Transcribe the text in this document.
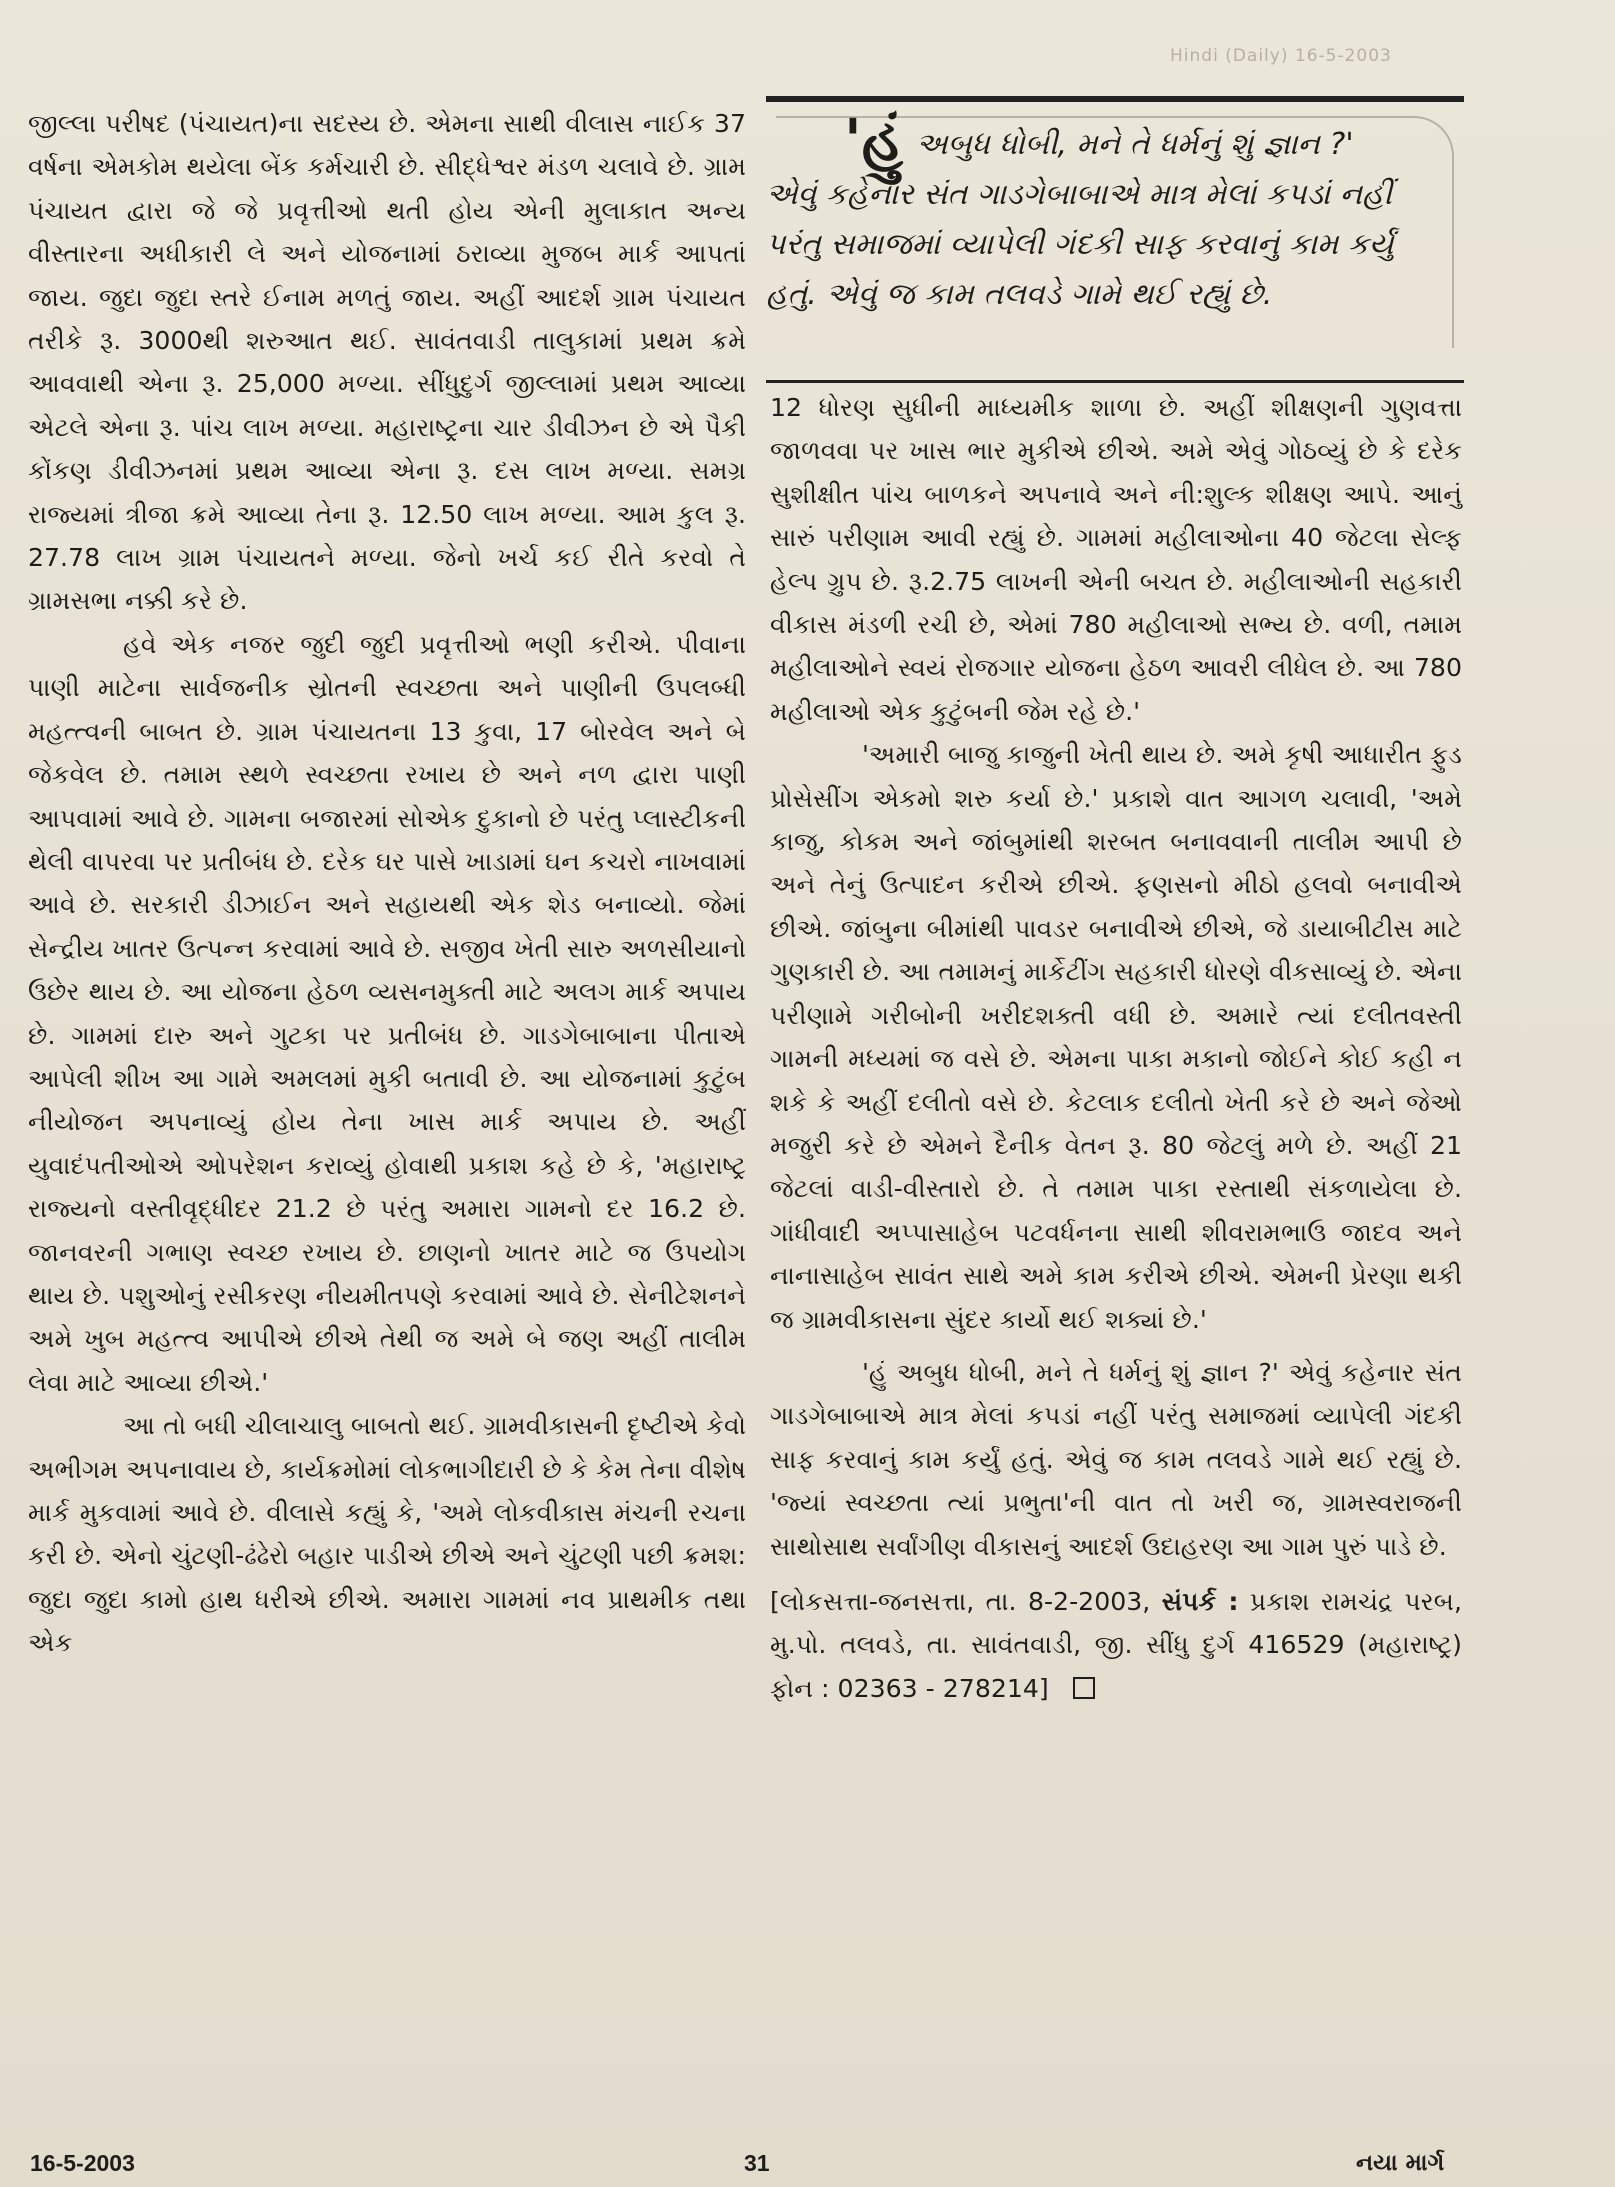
Hindi (Daily) 16-5-2003

જીલ્લા પરીષદ (પંચાયત)ના સદસ્ય છે. એમના સાથી વીલાસ નાઈક 37 વર્ષના એમકોમ થયેલા બેંક કર્મચારી છે. સીદ્ધેશ્વર મંડળ ચલાવે છે. ગ્રામ પંચાયત દ્વારા જે જે પ્રવૃત્તીઓ થતી હોય એની મુલાકાત અન્ય વીસ્તારના અધીકારી લે અને યોજનામાં ઠરાવ્યા મુજબ માર્ક આપતાં જાય. જુદા જુદા સ્તરે ઈનામ મળતું જાય. અહીં આદર્શ ગ્રામ પંચાયત તરીકે રૂ. 3000થી શરુઆત થઈ. સાવંતવાડી તાલુકામાં પ્રથમ ક્રમે આવવાથી એના રૂ. 25,000 મળ્યા. સીંધુદુર્ગ જીલ્લામાં પ્રથમ આવ્યા એટલે એના રૂ. પાંચ લાખ મળ્યા. મહારાષ્ટ્રના ચાર ડીવીઝન છે એ પૈકી કોંકણ ડીવીઝનમાં પ્રથમ આવ્યા એના રૂ. દસ લાખ મળ્યા. સમગ્ર રાજ્યમાં ત્રીજા ક્રમે આવ્યા તેના રૂ. 12.50 લાખ મળ્યા. આમ કુલ રૂ. 27.78 લાખ ગ્રામ પંચાયતને મળ્યા. જેનો ખર્ચ કઈ રીતે કરવો તે ગ્રામસભા નક્કી કરે છે.

હવે એક નજર જુદી જુદી પ્રવૃત્તીઓ ભણી કરીએ. પીવાના પાણી માટેના સાર્વજનીક સ્રોતની સ્વચ્છતા અને પાણીની ઉપલબ્ધી મહત્ત્વની બાબત છે. ગ્રામ પંચાયતના 13 કુવા, 17 બોરવેલ અને બે જેકવેલ છે. તમામ સ્થળે સ્વચ્છતા રખાય છે અને નળ દ્વારા પાણી આપવામાં આવે છે. ગામના બજારમાં સોએક દુકાનો છે પરંતુ પ્લાસ્ટીકની થેલી વાપરવા પર પ્રતીબંધ છે. દરેક ઘર પાસે ખાડામાં ઘન કચરો નાખવામાં આવે છે. સરકારી ડીઝાઈન અને સહાયથી એક શેડ બનાવ્યો. જેમાં સેન્દ્રીય ખાતર ઉત્પન્ન કરવામાં આવે છે. સજીવ ખેતી સારુ અળસીયાનો ઉછેર થાય છે. આ યોજના હેઠળ વ્યસનમુક્તી માટે અલગ માર્ક અપાય છે. ગામમાં દારુ અને ગુટકા પર પ્રતીબંધ છે. ગાડગેબાબાના પીતાએ આપેલી શીખ આ ગામે અમલમાં મુકી બતાવી છે. આ યોજનામાં કુટુંબ નીયોજન અપનાવ્યું હોય તેના ખાસ માર્ક અપાય છે. અહીં યુવાદંપતીઓએ ઓપરેશન કરાવ્યું હોવાથી પ્રકાશ કહે છે કે, 'મહારાષ્ટ્ર રાજ્યનો વસ્તીવૃદ્ધીદર 21.2 છે પરંતુ અમારા ગામનો દર 16.2 છે. જાનવરની ગભાણ સ્વચ્છ રખાય છે. છાણનો ખાતર માટે જ ઉપયોગ થાય છે. પશુઓનું રસીકરણ નીયમીતપણે કરવામાં આવે છે. સેનીટેશનને અમે ખુબ મહત્ત્વ આપીએ છીએ તેથી જ અમે બે જણ અહીં તાલીમ લેવા માટે આવ્યા છીએ.'

આ તો બધી ચીલાચાલુ બાબતો થઈ. ગ્રામવીકાસની દૃષ્ટીએ કેવો અભીગમ અપનાવાય છે, કાર્યક્રમોમાં લોકભાગીદારી છે કે કેમ તેના વીશેષ માર્ક મુકવામાં આવે છે. વીલાસે કહ્યું કે, 'અમે લોકવીકાસ મંચની રચના કરી છે. એનો ચુંટણી-ઢંઢેરો બહાર પાડીએ છીએ અને ચુંટણી પછી ક્રમશ: જુદા જુદા કામો હાથ ધરીએ છીએ. અમારા ગામમાં નવ પ્રાથમીક તથા એક

'હું અબુધ ધોબી, મને તે ધર્મનું શું જ્ઞાન ?'
એવું કહેનાર સંત ગાડગેબાબાએ માત્ર મેલાં કપડાં નહીં
પરંતુ સમાજમાં વ્યાપેલી ગંદકી સાફ કરવાનું કામ કર્યું
હતું. એવું જ કામ તલવડે ગામે થઈ રહ્યું છે.

12 ધોરણ સુધીની માધ્યમીક શાળા છે. અહીં શીક્ષણની ગુણવત્તા જાળવવા પર ખાસ ભાર મુકીએ છીએ. અમે એવું ગોઠવ્યું છે કે દરેક સુશીક્ષીત પાંચ બાળકને અપનાવે અને ની:શુલ્ક શીક્ષણ આપે. આનું સારું પરીણામ આવી રહ્યું છે. ગામમાં મહીલાઓના 40 જેટલા સેલ્ફ હેલ્પ ગ્રુપ છે. રૂ.2.75 લાખની એની બચત છે. મહીલાઓની સહકારી વીકાસ મંડળી રચી છે, એમાં 780 મહીલાઓ સભ્ય છે. વળી, તમામ મહીલાઓને સ્વયં રોજગાર યોજના હેઠળ આવરી લીધેલ છે. આ 780 મહીલાઓ એક કુટુંબની જેમ રહે છે.'

'અમારી બાજુ કાજુની ખેતી થાય છે. અમે કૃષી આધારીત ફુડ પ્રોસેસીંગ એકમો શરુ કર્યા છે.' પ્રકાશે વાત આગળ ચલાવી, 'અમે કાજુ, કોકમ અને જાંબુમાંથી શરબત બનાવવાની તાલીમ આપી છે અને તેનું ઉત્પાદન કરીએ છીએ. ફણસનો મીઠો હલવો બનાવીએ છીએ. જાંબુના બીમાંથી પાવડર બનાવીએ છીએ, જે ડાયાબીટીસ માટે ગુણકારી છે. આ તમામનું માર્કેટીંગ સહકારી ધોરણે વીકસાવ્યું છે. એના પરીણામે ગરીબોની ખરીદશક્તી વધી છે. અમારે ત્યાં દલીતવસ્તી ગામની મધ્યમાં જ વસે છે. એમના પાકા મકાનો જોઈને કોઈ કહી ન શકે કે અહીં દલીતો વસે છે. કેટલાક દલીતો ખેતી કરે છે અને જેઓ મજુરી કરે છે એમને દૈનીક વેતન રૂ. 80 જેટલું મળે છે. અહીં 21 જેટલાં વાડી-વીસ્તારો છે. તે તમામ પાકા રસ્તાથી સંકળાયેલા છે. ગાંધીવાદી અપ્પાસાહેબ પટવર્ધનના સાથી શીવરામભાઉ જાદવ અને નાનાસાહેબ સાવંત સાથે અમે કામ કરીએ છીએ. એમની પ્રેરણા થકી જ ગ્રામવીકાસના સુંદર કાર્યો થઈ શક્યાં છે.'

'હું અબુધ ધોબી, મને તે ધર્મનું શું જ્ઞાન ?' એવું કહેનાર સંત ગાડગેબાબાએ માત્ર મેલાં કપડાં નહીં પરંતુ સમાજમાં વ્યાપેલી ગંદકી સાફ કરવાનું કામ કર્યું હતું. એવું જ કામ તલવડે ગામે થઈ રહ્યું છે. 'જ્યાં સ્વચ્છતા ત્યાં પ્રભુતા'ની વાત તો ખરી જ, ગ્રામસ્વરાજની સાથોસાથ સર્વાંગીણ વીકાસનું આદર્શ ઉદાહરણ આ ગામ પુરું પાડે છે.

[લોકસત્તા-જનસત્તા, તા. 8-2-2003, સંપર્ક : પ્રકાશ રામચંદ્ર પરબ, મુ.પો. તલવડે, તા. સાવંતવાડી, જી. સીંધુ દુર્ગ 416529 (મહારાષ્ટ્ર) ફોન : 02363 - 278214]

16-5-2003	31	નયા માર્ગ
